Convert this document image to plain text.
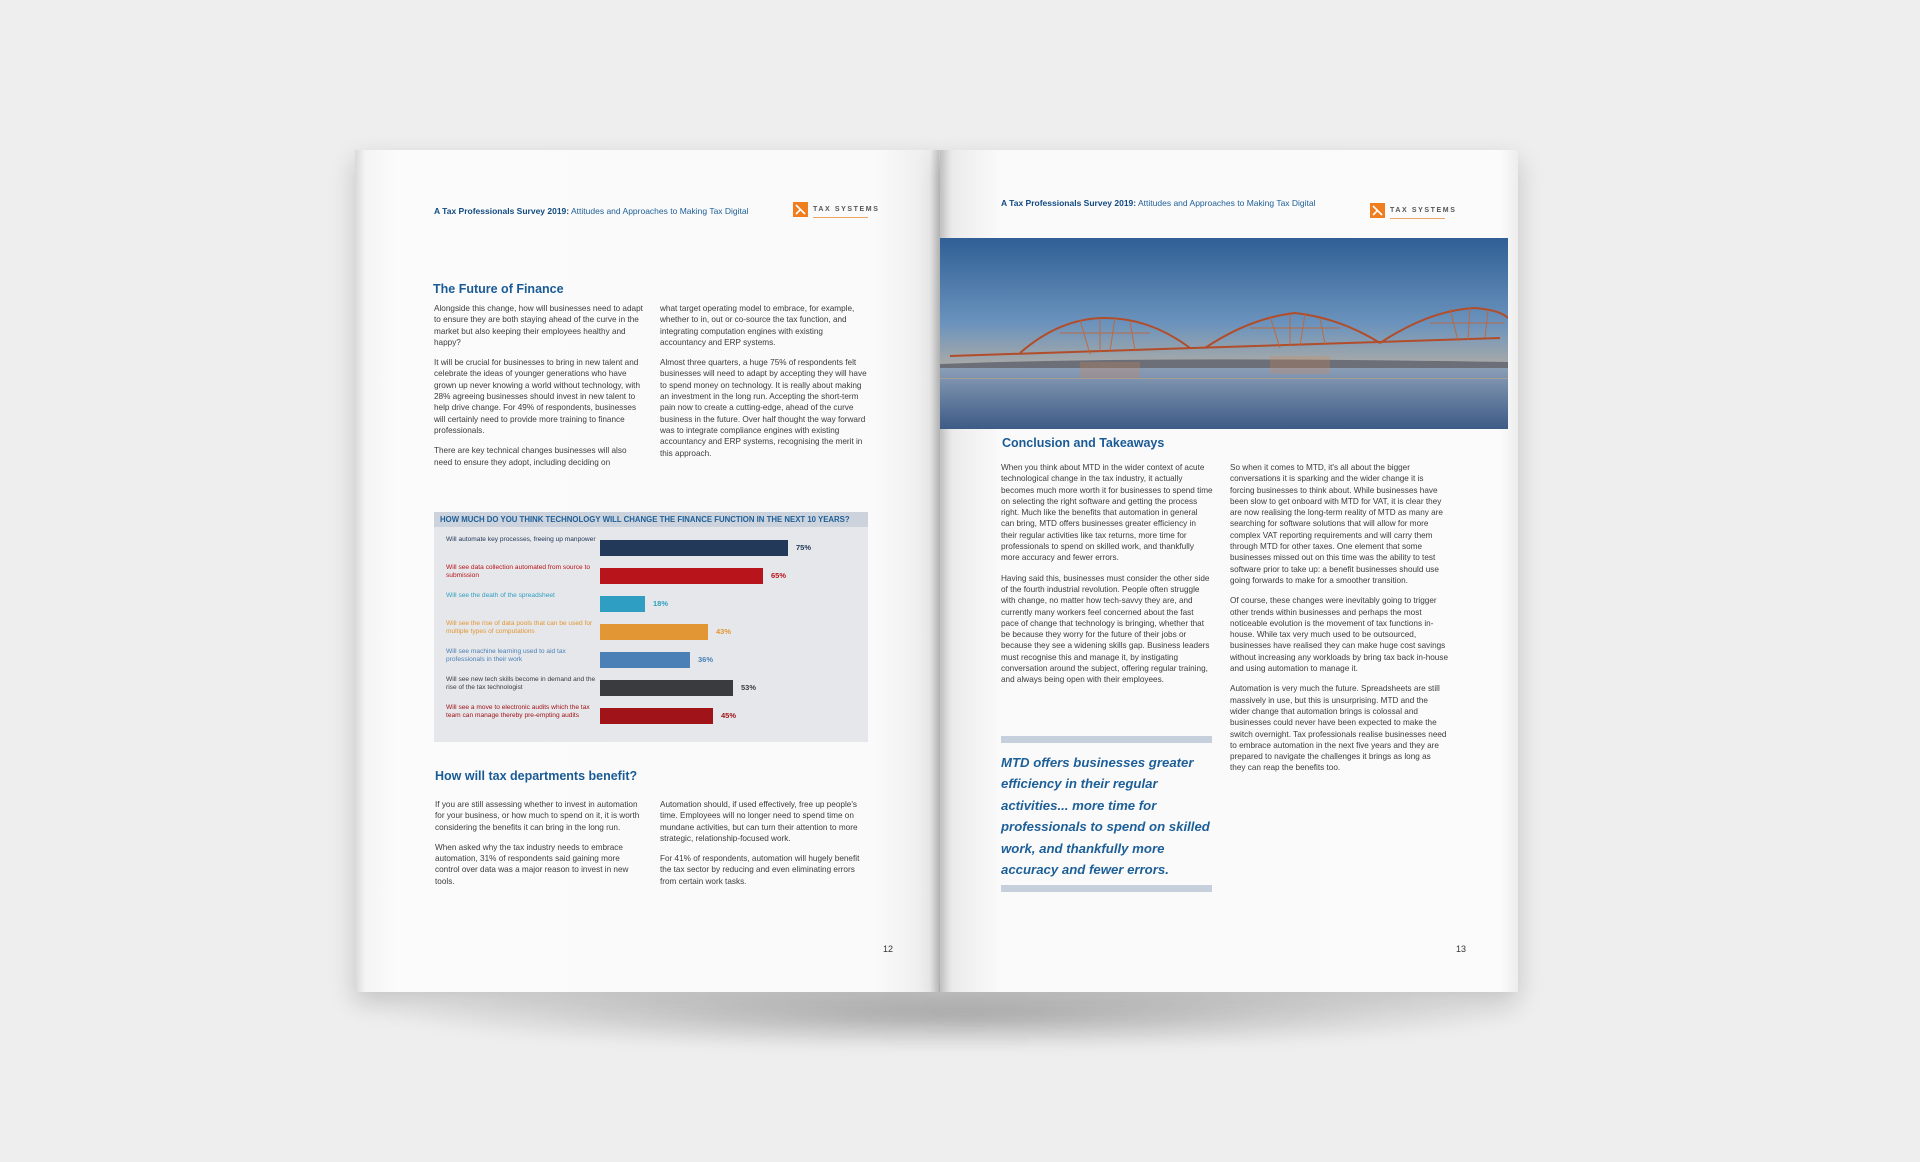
A Tax Professionals Survey 2019: Attitudes and Approaches to Making Tax Digital	TAX SYSTEMS
The Future of Finance

Alongside this change, how will businesses need to adapt to ensure they are both staying ahead of the curve in the market but also keeping their employees healthy and happy?

It will be crucial for businesses to bring in new talent and celebrate the ideas of younger generations who have grown up never knowing a world without technology, with 28% agreeing businesses should invest in new talent to help drive change. For 49% of respondents, businesses will certainly need to provide more training to finance professionals.

There are key technical changes businesses will also need to ensure they adopt, including deciding on

what target operating model to embrace, for example, whether to in, out or co-source the tax function, and integrating computation engines with existing accountancy and ERP systems.

Almost three quarters, a huge 75% of respondents felt businesses will need to adapt by accepting they will have to spend money on technology. It is really about making an investment in the long run. Accepting the short-term pain now to create a cutting-edge, ahead of the curve business in the future. Over half thought the way forward was to integrate compliance engines with existing accountancy and ERP systems, recognising the merit in this approach.

HOW MUCH DO YOU THINK TECHNOLOGY WILL CHANGE THE FINANCE FUNCTION IN THE NEXT 10 YEARS?
Will automate key processes, freeing up manpower
75%
Will see data collection automated from source to submission	65%
Will see the death of the spreadsheet
18%
Will see the rise of data pools that can be used for multiple types of computations	43%
Will see machine learning used to aid tax professionals in their work	36%
Will see new tech skills become in demand and the rise of the tax technologist	53%
Will see a move to electronic audits which the tax team can manage thereby pre-empting audits	45%
How will tax departments benefit?

If you are still assessing whether to invest in automation for your business, or how much to spend on it, it is worth considering the benefits it can bring in the long run.

When asked why the tax industry needs to embrace automation, 31% of respondents said gaining more control over data was a major reason to invest in new tools.

Automation should, if used effectively, free up people's time. Employees will no longer need to spend time on mundane activities, but can turn their attention to more strategic, relationship-focused work.

For 41% of respondents, automation will hugely benefit the tax sector by reducing and even eliminating errors from certain work tasks.

12
A Tax Professionals Survey 2019: Attitudes and Approaches to Making Tax Digital
TAX SYSTEMS
Conclusion and Takeaways

When you think about MTD in the wider context of acute technological change in the tax industry, it actually becomes much more worth it for businesses to spend time on selecting the right software and getting the process right. Much like the benefits that automation in general can bring, MTD offers businesses greater efficiency in their regular activities like tax returns, more time for professionals to spend on skilled work, and thankfully more accuracy and fewer errors.

Having said this, businesses must consider the other side of the fourth industrial revolution. People often struggle with change, no matter how tech-savvy they are, and currently many workers feel concerned about the fast pace of change that technology is bringing, whether that be because they worry for the future of their jobs or because they see a widening skills gap. Business leaders must recognise this and manage it, by instigating conversation around the subject, offering regular training, and always being open with their employees.

So when it comes to MTD, it's all about the bigger conversations it is sparking and the wider change it is forcing businesses to think about. While businesses have been slow to get onboard with MTD for VAT, it is clear they are now realising the long-term reality of MTD as many are searching for software solutions that will allow for more complex VAT reporting requirements and will carry them through MTD for other taxes. One element that some businesses missed out on this time was the ability to test software prior to take up: a benefit businesses should use going forwards to make for a smoother transition.

Of course, these changes were inevitably going to trigger other trends within businesses and perhaps the most noticeable evolution is the movement of tax functions in-house. While tax very much used to be outsourced, businesses have realised they can make huge cost savings without increasing any workloads by bring tax back in-house and using automation to manage it.

Automation is very much the future. Spreadsheets are still massively in use, but this is unsurprising. MTD and the wider change that automation brings is colossal and businesses could never have been expected to make the switch overnight. Tax professionals realise businesses need to embrace automation in the next five years and they are prepared to navigate the challenges it brings as long as they can reap the benefits too.

MTD offers businesses greater efficiency in their regular activities... more time for professionals to spend on skilled work, and thankfully more accuracy and fewer errors.
13
